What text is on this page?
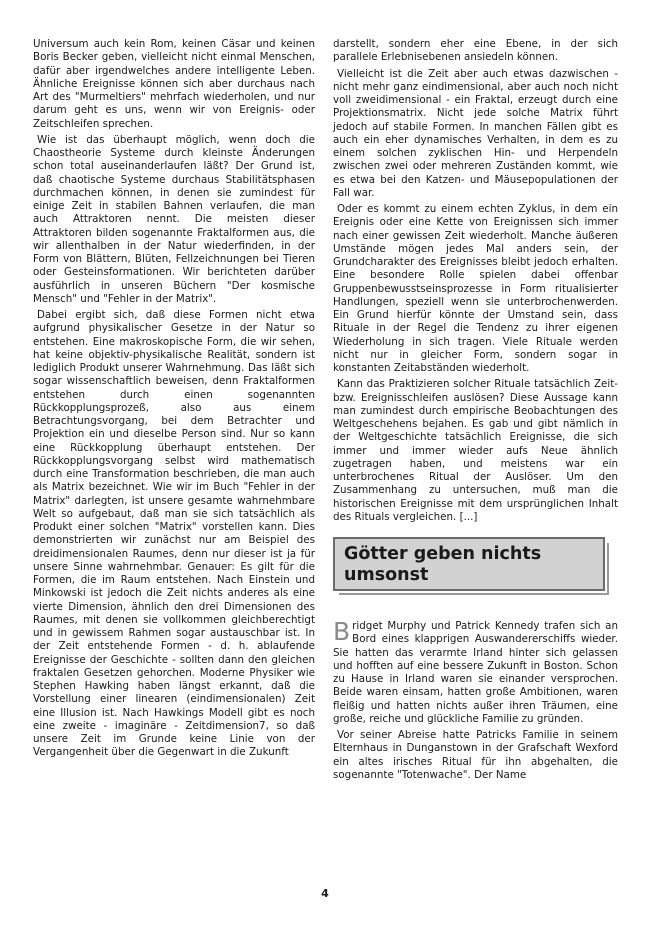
Universum auch kein Rom, keinen Cäsar und keinen Boris Becker geben, vielleicht nicht einmal Menschen, dafür aber irgendwelches andere intelligente Leben. Ähnliche Ereignisse können sich aber durchaus nach Art des "Murmeltiers" mehrfach wiederholen, und nur darum geht es uns, wenn wir von Ereignis- oder Zeitschleifen sprechen.

Wie ist das überhaupt möglich, wenn doch die Chaostheorie Systeme durch kleinste Änderungen schon total auseinanderlaufen läßt? Der Grund ist, daß chaotische Systeme durchaus Stabilitätsphasen durchmachen können, in denen sie zumindest für einige Zeit in stabilen Bahnen verlaufen, die man auch Attraktoren nennt. Die meisten dieser Attraktoren bilden sogenannte Fraktalformen aus, die wir allenthalben in der Natur wiederfinden, in der Form von Blättern, Blüten, Fellzeichnungen bei Tieren oder Gesteinsformationen. Wir berichteten darüber ausführlich in unseren Büchern "Der kosmische Mensch" und "Fehler in der Matrix".

Dabei ergibt sich, daß diese Formen nicht etwa aufgrund physikalischer Gesetze in der Natur so entstehen. Eine makroskopische Form, die wir sehen, hat keine objektiv-physikalische Realität, sondern ist lediglich Produkt unserer Wahrnehmung. Das läßt sich sogar wissenschaftlich beweisen, denn Fraktalformen entstehen durch einen sogenannten Rückkopplungsprozeß, also aus einem Betrachtungsvorgang, bei dem Betrachter und Projektion ein und dieselbe Person sind. Nur so kann eine Rückkopplung überhaupt entstehen. Der Rückkopplungsvorgang selbst wird mathematisch durch eine Transformation beschrieben, die man auch als Matrix bezeichnet. Wie wir im Buch "Fehler in der Matrix" darlegten, ist unsere gesamte wahrnehmbare Welt so aufgebaut, daß man sie sich tatsächlich als Produkt einer solchen "Matrix" vorstellen kann. Dies demonstrierten wir zunächst nur am Beispiel des dreidimensionalen Raumes, denn nur dieser ist ja für unsere Sinne wahrnehmbar. Genauer: Es gilt für die Formen, die im Raum entstehen. Nach Einstein und Minkowski ist jedoch die Zeit nichts anderes als eine vierte Dimension, ähnlich den drei Dimensionen des Raumes, mit denen sie vollkommen gleichberechtigt und in gewissem Rahmen sogar austauschbar ist. In der Zeit entstehende Formen - d. h. ablaufende Ereignisse der Geschichte - sollten dann den gleichen fraktalen Gesetzen gehorchen. Moderne Physiker wie Stephen Hawking haben längst erkannt, daß die Vorstellung einer linearen (eindimensionalen) Zeit eine Illusion ist. Nach Hawkings Modell gibt es noch eine zweite - imaginäre - Zeitdimension7, so daß unsere Zeit im Grunde keine Linie von der Vergangenheit über die Gegenwart in die Zukunft

darstellt, sondern eher eine Ebene, in der sich parallele Erlebnisebenen ansiedeln können.

Vielleicht ist die Zeit aber auch etwas dazwischen - nicht mehr ganz eindimensional, aber auch noch nicht voll zweidimensional - ein Fraktal, erzeugt durch eine Projektionsmatrix. Nicht jede solche Matrix führt jedoch auf stabile Formen. In manchen Fällen gibt es auch ein eher dynamisches Verhalten, in dem es zu einem solchen zyklischen Hin- und Herpendeln zwischen zwei oder mehreren Zuständen kommt, wie es etwa bei den Katzen- und Mäusepopulationen der Fall war.

Oder es kommt zu einem echten Zyklus, in dem ein Ereignis oder eine Kette von Ereignissen sich immer nach einer gewissen Zeit wiederholt. Manche äußeren Umstände mögen jedes Mal anders sein, der Grundcharakter des Ereignisses bleibt jedoch erhalten. Eine besondere Rolle spielen dabei offenbar Gruppenbewusstseinsprozesse in Form ritualisierter Handlungen, speziell wenn sie unterbrochenwerden. Ein Grund hierfür könnte der Umstand sein, dass Rituale in der Regel die Tendenz zu ihrer eigenen Wiederholung in sich tragen. Viele Rituale werden nicht nur in gleicher Form, sondern sogar in konstanten Zeitabständen wiederholt.

Kann das Praktizieren solcher Rituale tatsächlich Zeit- bzw. Ereignisschleifen auslösen? Diese Aussage kann man zumindest durch empirische Beobachtungen des Weltgeschehens bejahen. Es gab und gibt nämlich in der Weltgeschichte tatsächlich Ereignisse, die sich immer und immer wieder aufs Neue ähnlich zugetragen haben, und meistens war ein unterbrochenes Ritual der Auslöser. Um den Zusammenhang zu untersuchen, muß man die historischen Ereignisse mit dem ursprünglichen Inhalt des Rituals vergleichen. [...]

Götter geben nichts umsonst

Bridget Murphy und Patrick Kennedy trafen sich an Bord eines klapprigen Auswandererschiffs wieder. Sie hatten das verarmte Irland hinter sich gelassen und hofften auf eine bessere Zukunft in Boston. Schon zu Hause in Irland waren sie einander versprochen. Beide waren einsam, hatten große Ambitionen, waren fleißig und hatten nichts außer ihren Träumen, eine große, reiche und glückliche Familie zu gründen.

Vor seiner Abreise hatte Patricks Familie in seinem Elternhaus in Dunganstown in der Grafschaft Wexford ein altes irisches Ritual für ihn abgehalten, die sogenannte "Totenwache". Der Name

4
